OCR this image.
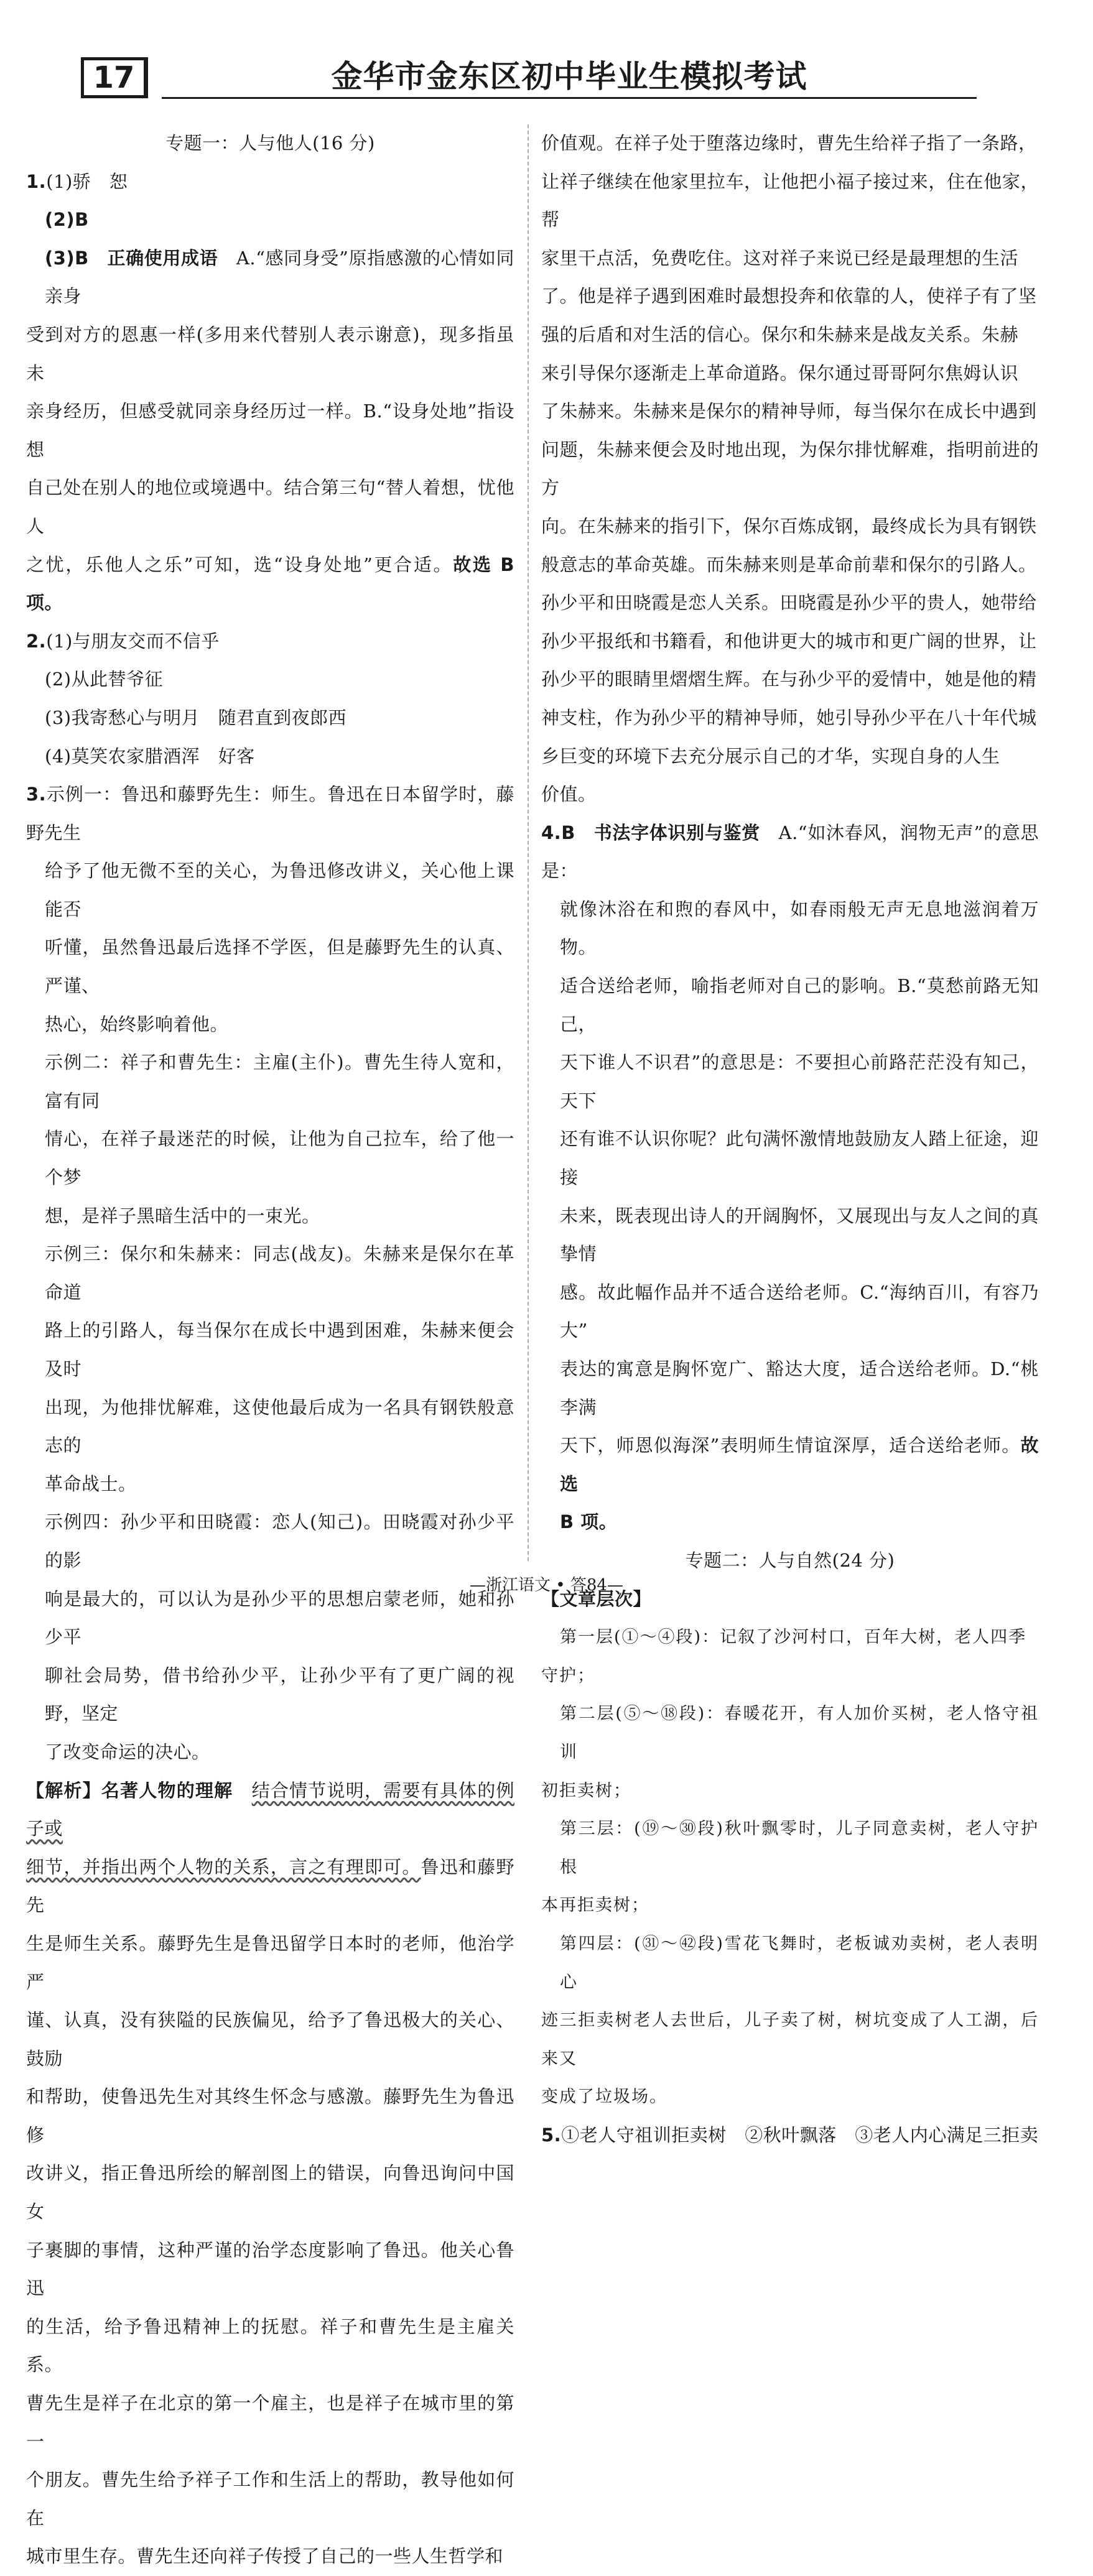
17	金华市金东区初中毕业生模拟考试

专题一：人与他人(16 分)

1.(1)骄　恕

(2)B

(3)B　 正确使用成语　 A.“感同身受”原指感激的心情如同亲身

受到对方的恩惠一样(多用来代替别人表示谢意)，现多指虽未

亲身经历，但感受就同亲身经历过一样。B.“设身处地”指设想

自己处在别人的地位或境遇中。结合第三句“替人着想，忧他人

之忧，乐他人之乐”可知，选“设身处地”更合适。故选 B 项。

2.(1)与朋友交而不信乎

(2)从此替爷征

(3)我寄愁心与明月　随君直到夜郎西

(4)莫笑农家腊酒浑　好客

3.示例一：鲁迅和藤野先生：师生。鲁迅在日本留学时，藤野先生

给予了他无微不至的关心，为鲁迅修改讲义，关心他上课能否

听懂，虽然鲁迅最后选择不学医，但是藤野先生的认真、严谨、

热心，始终影响着他。

示例二：祥子和曹先生：主雇(主仆)。曹先生待人宽和，富有同

情心，在祥子最迷茫的时候，让他为自己拉车，给了他一个梦

想，是祥子黑暗生活中的一束光。

示例三：保尔和朱赫来：同志(战友)。朱赫来是保尔在革命道

路上的引路人，每当保尔在成长中遇到困难，朱赫来便会及时

出现，为他排忧解难，这使他最后成为一名具有钢铁般意志的

革命战士。

示例四：孙少平和田晓霞：恋人(知己)。田晓霞对孙少平的影

响是最大的，可以认为是孙少平的思想启蒙老师，她和孙少平

聊社会局势，借书给孙少平，让孙少平有了更广阔的视野，坚定

了改变命运的决心。

【解析】名著人物的理解　 结合情节说明，需要有具体的例子或

细节，并指出两个人物的关系，言之有理即可。鲁迅和藤野先

生是师生关系。藤野先生是鲁迅留学日本时的老师，他治学严

谨、认真，没有狭隘的民族偏见，给予了鲁迅极大的关心、鼓励

和帮助，使鲁迅先生对其终生怀念与感激。藤野先生为鲁迅修

改讲义，指正鲁迅所绘的解剖图上的错误，向鲁迅询问中国女

子裹脚的事情，这种严谨的治学态度影响了鲁迅。他关心鲁迅

的生活，给予鲁迅精神上的抚慰。祥子和曹先生是主雇关系。

曹先生是祥子在北京的第一个雇主，也是祥子在城市里的第一

个朋友。曹先生给予祥子工作和生活上的帮助，教导他如何在

城市里生存。曹先生还向祥子传授了自己的一些人生哲学和

价值观。在祥子处于堕落边缘时，曹先生给祥子指了一条路，

让祥子继续在他家里拉车，让他把小福子接过来，住在他家，帮

家里干点活，免费吃住。这对祥子来说已经是最理想的生活

了。他是祥子遇到困难时最想投奔和依靠的人，使祥子有了坚

强的后盾和对生活的信心。保尔和朱赫来是战友关系。朱赫

来引导保尔逐渐走上革命道路。保尔通过哥哥阿尔焦姆认识

了朱赫来。朱赫来是保尔的精神导师，每当保尔在成长中遇到

问题，朱赫来便会及时地出现，为保尔排忧解难，指明前进的方

向。在朱赫来的指引下，保尔百炼成钢，最终成长为具有钢铁

般意志的革命英雄。而朱赫来则是革命前辈和保尔的引路人。

孙少平和田晓霞是恋人关系。田晓霞是孙少平的贵人，她带给

孙少平报纸和书籍看，和他讲更大的城市和更广阔的世界，让

孙少平的眼睛里熠熠生辉。在与孙少平的爱情中，她是他的精

神支柱，作为孙少平的精神导师，她引导孙少平在八十年代城

乡巨变的环境下去充分展示自己的才华，实现自身的人生

价值。

4.B　 书法字体识别与鉴赏　 A.“如沐春风，润物无声”的意思是：

就像沐浴在和煦的春风中，如春雨般无声无息地滋润着万物。

适合送给老师，喻指老师对自己的影响。B.“莫愁前路无知己，

天下谁人不识君”的意思是：不要担心前路茫茫没有知己，天下

还有谁不认识你呢？此句满怀激情地鼓励友人踏上征途，迎接

未来，既表现出诗人的开阔胸怀，又展现出与友人之间的真挚情

感。故此幅作品并不适合送给老师。C.“海纳百川，有容乃大”

表达的寓意是胸怀宽广、豁达大度，适合送给老师。D.“桃李满

天下，师恩似海深”表明师生情谊深厚，适合送给老师。故选

B 项。

专题二：人与自然(24 分)

【文章层次】

第一层(①～④段)：记叙了沙河村口，百年大树，老人四季

守护；

第二层(⑤～⑱段)：春暖花开，有人加价买树，老人恪守祖训

初拒卖树；

第三层：(⑲～㉚段)秋叶飘零时，儿子同意卖树，老人守护根

本再拒卖树；

第四层：(㉛～㊷段)雪花飞舞时，老板诚劝卖树，老人表明心

迹三拒卖树老人去世后，儿子卖了树，树坑变成了人工湖，后来又

变成了垃圾场。

5.①老人守祖训拒卖树　②秋叶飘落　③老人内心满足三拒卖

—浙江语文 • 答84—
